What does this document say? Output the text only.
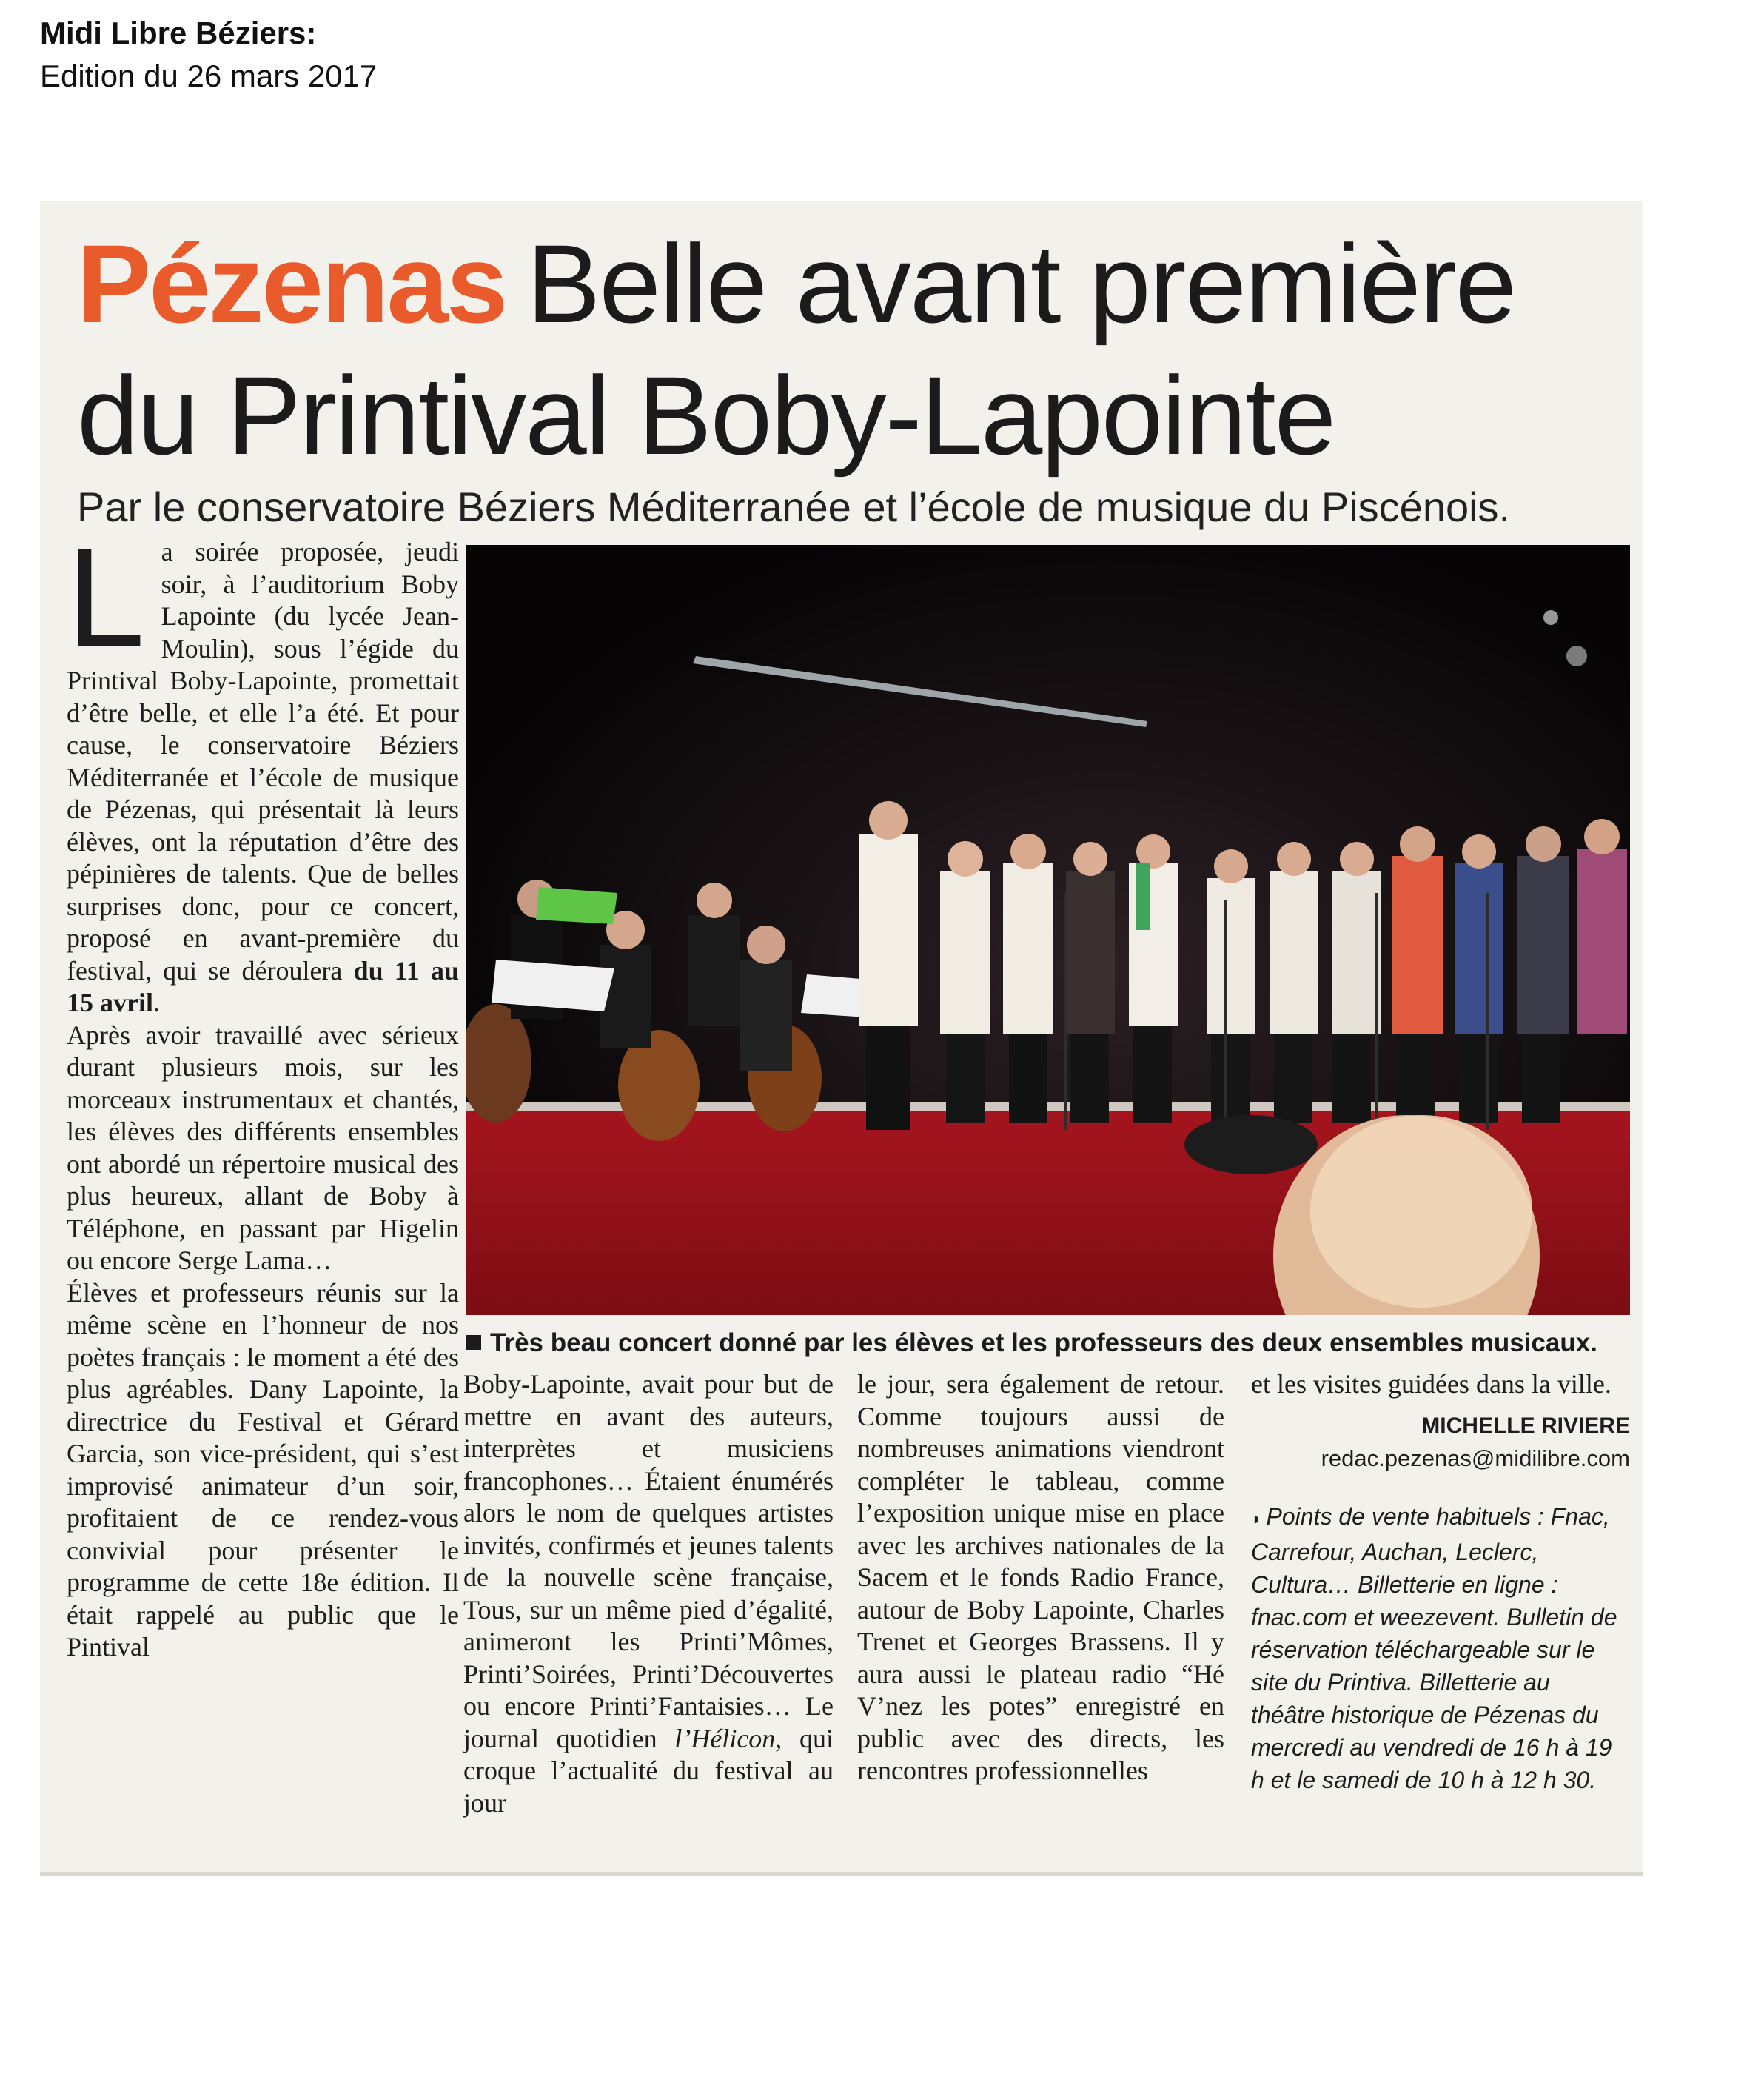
Midi Libre Béziers:
Edition du 26 mars 2017
Pézenas Belle avant première
du Printival Boby-Lapointe
Par le conservatoire Béziers Méditerranée et l’école de musique du Piscénois.

La soirée proposée, jeudi soir, à l’auditorium Boby Lapointe (du lycée Jean-Moulin), sous l’égide du Printival Boby-Lapointe, promettait d’être belle, et elle l’a été. Et pour cause, le conservatoire Béziers Méditerranée et l’école de musique de Pézenas, qui présentait là leurs élèves, ont la réputation d’être des pépinières de talents. Que de belles surprises donc, pour ce concert, proposé en avant-première du festival, qui se déroulera du 11 au 15 avril.

Après avoir travaillé avec sérieux durant plusieurs mois, sur les morceaux instrumentaux et chantés, les élèves des différents ensembles ont abordé un répertoire musical des plus heureux, allant de Boby à Téléphone, en passant par Higelin ou encore Serge Lama…

Élèves et professeurs réunis sur la même scène en l’honneur de nos poètes français : le moment a été des plus agréables. Dany Lapointe, la directrice du Festival et Gérard Garcia, son vice-président, qui s’est improvisé animateur d’un soir, profitaient de ce rendez-vous convivial pour présenter le programme de cette 18e édition. Il était rappelé au public que le Pintival

Très beau concert donné par les élèves et les professeurs des deux ensembles musicaux.

Boby-Lapointe, avait pour but de mettre en avant des auteurs, interprètes et musiciens francophones… Étaient énumérés alors le nom de quelques artistes invités, confirmés et jeunes talents de la nouvelle scène française, Tous, sur un même pied d’égalité, animeront les Printi’Mômes, Printi’Soirées, Printi’Découvertes ou encore Printi’Fantaisies… Le journal quotidien l’Hélicon, qui croque l’actualité du festival au jour

le jour, sera également de retour. Comme toujours aussi de nombreuses animations viendront compléter le tableau, comme l’exposition unique mise en place avec les archives nationales de la Sacem et le fonds Radio France, autour de Boby Lapointe, Charles Trenet et Georges Brassens. Il y aura aussi le plateau radio “Hé V’nez les potes” enregistré en public avec des directs, les rencontres professionnelles

et les visites guidées dans la ville.

MICHELLE RIVIERE
redac.pezenas@midilibre.com
◗ Points de vente habituels : Fnac, Carrefour, Auchan, Leclerc, Cultura… Billetterie en ligne : fnac.com et weezevent. Bulletin de réservation téléchargeable sur le site du Printiva. Billetterie au théâtre historique de Pézenas du mercredi au vendredi de 16 h à 19 h et le samedi de 10 h à 12 h 30.
